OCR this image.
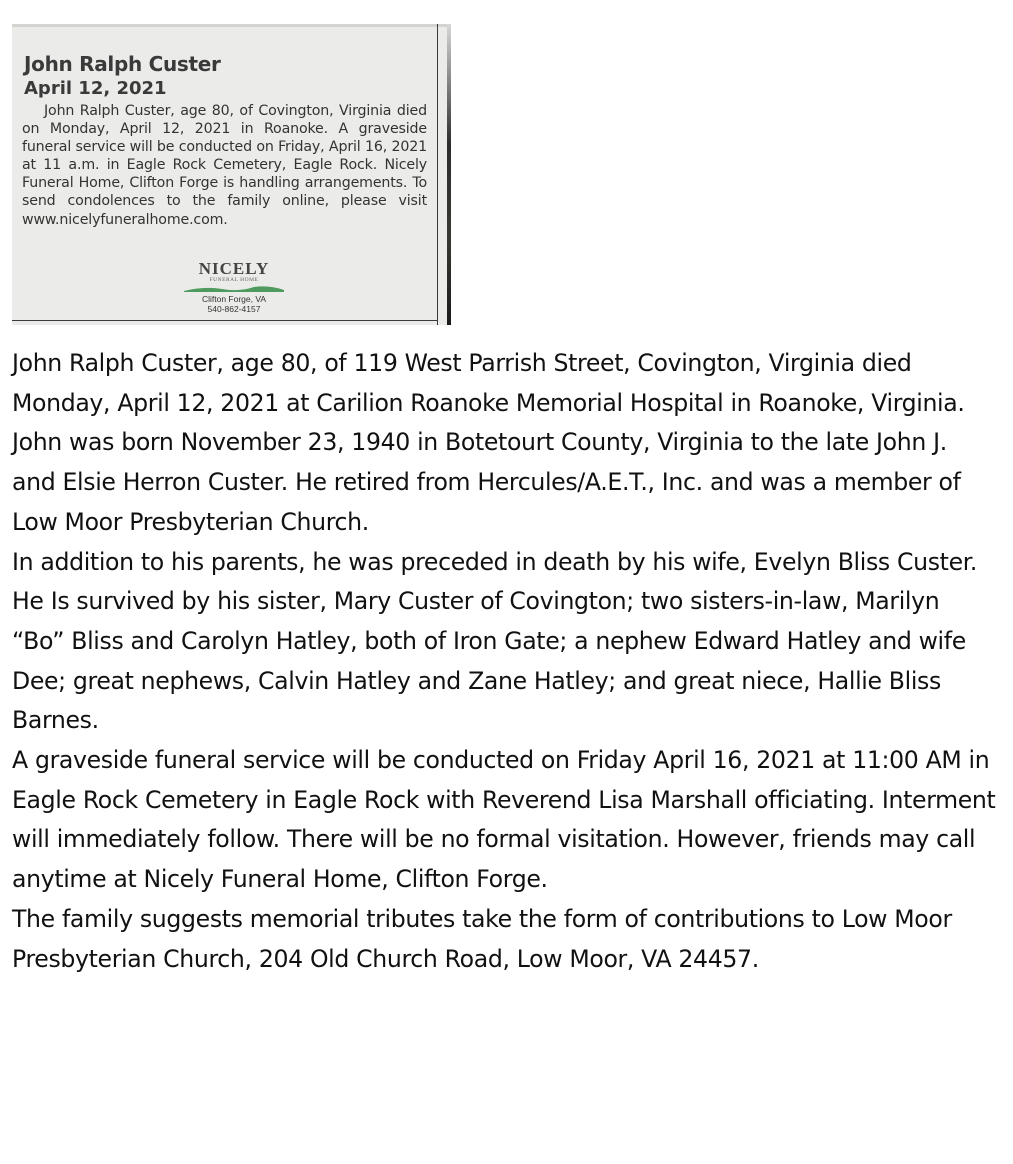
John Ralph Custer
April 12, 2021
John Ralph Custer, age 80, of Covington, Virginia died on Monday, April 12, 2021 in Roanoke. A graveside funeral service will be conducted on Friday, April 16, 2021 at 11 a.m. in Eagle Rock Cemetery, Eagle Rock. Nicely Funeral Home, Clifton Forge is handling arrangements. To send condolences to the family online, please visit www.nicelyfuneralhome.com.
NICELY
FUNERAL HOME
Clifton Forge, VA
540-862-4157

John Ralph Custer, age 80, of 119 West Parrish Street, Covington, Virginia died Monday, April 12, 2021 at Carilion Roanoke Memorial Hospital in Roanoke, Virginia.

John was born November 23, 1940 in Botetourt County, Virginia to the late John J. and Elsie Herron Custer. He retired from Hercules/A.E.T., Inc. and was a member of Low Moor Presbyterian Church.

In addition to his parents, he was preceded in death by his wife, Evelyn Bliss Custer.

He Is survived by his sister, Mary Custer of Covington; two sisters-in-law, Marilyn “Bo” Bliss and Carolyn Hatley, both of Iron Gate; a nephew Edward Hatley and wife Dee; great nephews, Calvin Hatley and Zane Hatley; and great niece, Hallie Bliss Barnes.

A graveside funeral service will be conducted on Friday April 16, 2021 at 11:00 AM in Eagle Rock Cemetery in Eagle Rock with Reverend Lisa Marshall officiating. Interment will immediately follow. There will be no formal visitation. However, friends may call anytime at Nicely Funeral Home, Clifton Forge.

The family suggests memorial tributes take the form of contributions to Low Moor Presbyterian Church, 204 Old Church Road, Low Moor, VA 24457.
